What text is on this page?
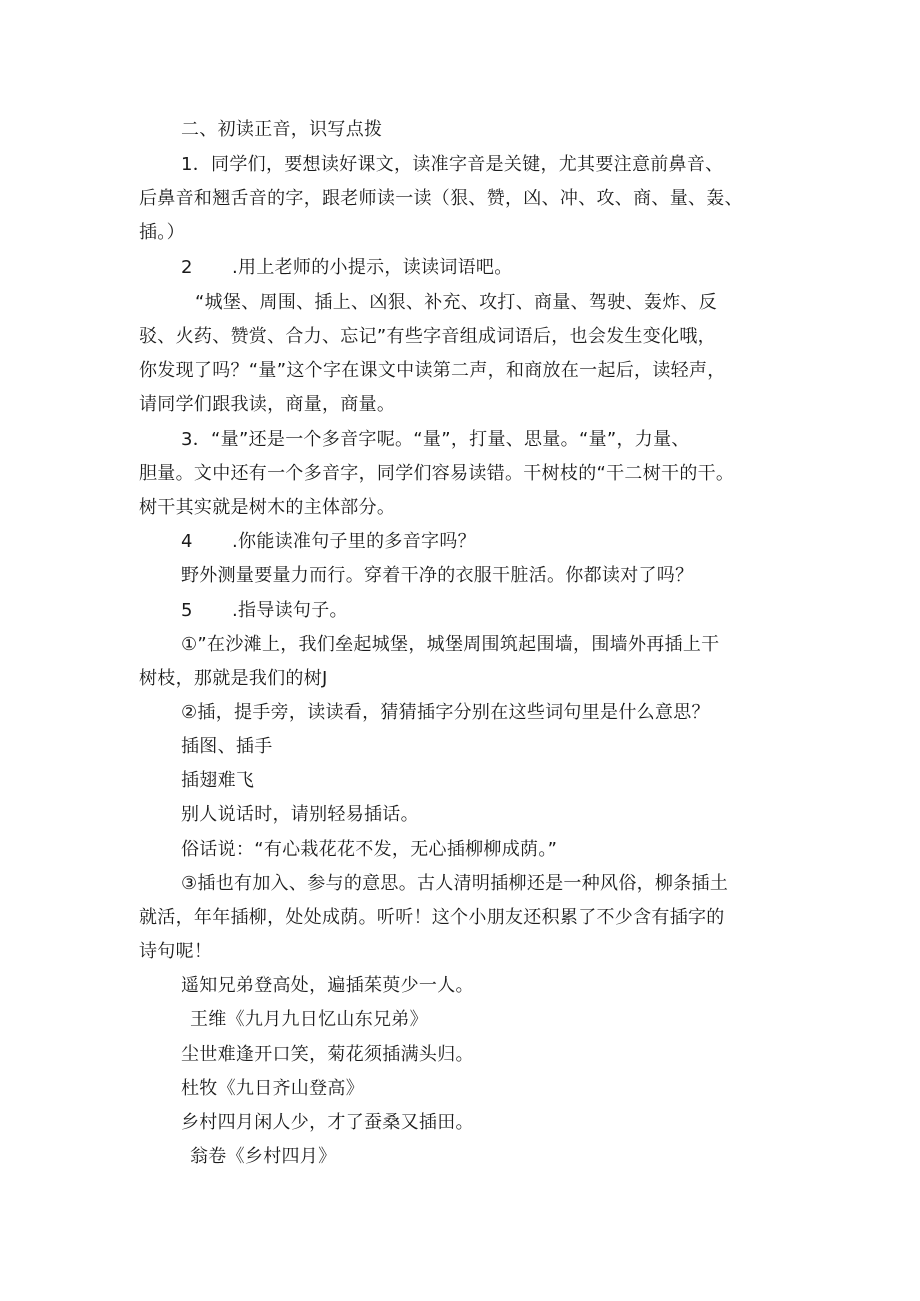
二、初读正音，识写点拨
1．同学们，要想读好课文，读准字音是关键，尤其要注意前鼻音、
后鼻音和翘舌音的字，跟老师读一读（狠、赞，凶、冲、攻、商、量、轰、
插。）
2 .用上老师的小提示，读读词语吧。
“城堡、周围、插上、凶狠、补充、攻打、商量、驾驶、轰炸、反
驳、火药、赞赏、合力、忘记”有些字音组成词语后，也会发生变化哦，
你发现了吗？“量”这个字在课文中读第二声，和商放在一起后，读轻声，
请同学们跟我读，商量，商量。
3．“量”还是一个多音字呢。“量”，打量、思量。“量”，力量、
胆量。文中还有一个多音字，同学们容易读错。干树枝的“干二树干的干。
树干其实就是树木的主体部分。
4 .你能读准句子里的多音字吗？
野外测量要量力而行。穿着干净的衣服干脏活。你都读对了吗？
5 .指导读句子。
①”在沙滩上，我们垒起城堡，城堡周围筑起围墙，围墙外再插上干
树枝，那就是我们的树J
②插，提手旁，读读看，猜猜插字分别在这些词句里是什么意思？
插图、插手
插翅难飞
别人说话时，请别轻易插话。
俗话说：“有心栽花花不发，无心插柳柳成荫。”
③插也有加入、参与的意思。古人清明插柳还是一种风俗，柳条插土
就活，年年插柳，处处成荫。听听！这个小朋友还积累了不少含有插字的
诗句呢！
遥知兄弟登高处，遍插茱萸少一人。
王维《九月九日忆山东兄弟》
尘世难逢开口笑，菊花须插满头归。
杜牧《九日齐山登高》
乡村四月闲人少，才了蚕桑又插田。
翁卷《乡村四月》
